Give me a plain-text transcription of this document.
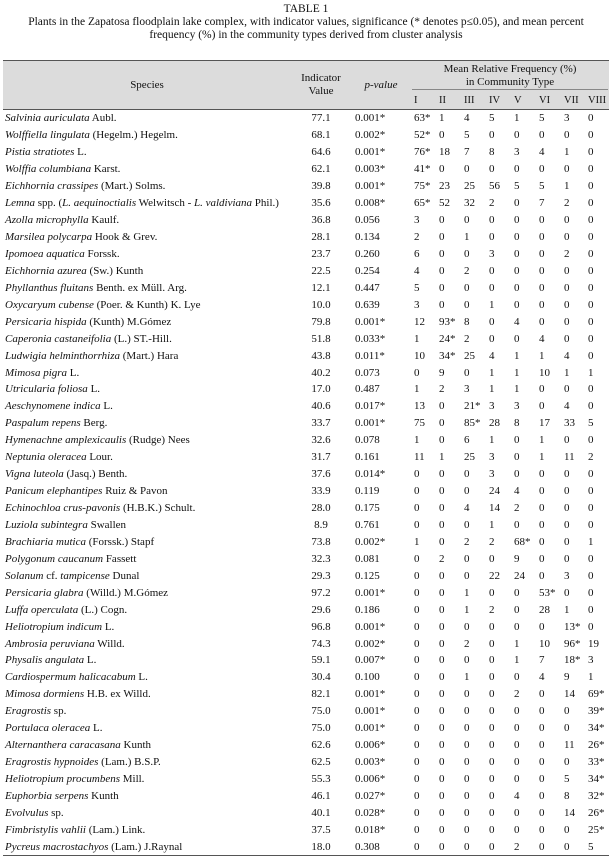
TABLE 1
Plants in the Zapatosa floodplain lake complex, with indicator values, significance (* denotes p≤0.05), and mean percent frequency (%) in the community types derived from cluster analysis
Species	Indicator Value	p-value	Mean Relative Frequency (%)
in Community Type							

			I	II	III	IV	V	VI	VII	VIII
Salvinia auriculata Aubl.	77.1	0.001*	63*	1	4	5	1	5	3	0
Wolffiella lingulata (Hegelm.) Hegelm.	68.1	0.002*	52*	0	5	0	0	0	0	0
Pistia stratiotes L.	64.6	0.001*	76*	18	7	8	3	4	1	0
Wolffia columbiana Karst.	62.1	0.003*	41*	0	0	0	0	0	0	0
Eichhornia crassipes (Mart.) Solms.	39.8	0.001*	75*	23	25	56	5	5	1	0
Lemna spp. (L. aequinoctialis Welwitsch - L. valdiviana Phil.)	35.6	0.008*	65*	52	32	2	0	7	2	0
Azolla microphylla Kaulf.	36.8	0.056	3	0	0	0	0	0	0	0
Marsilea polycarpa Hook & Grev.	28.1	0.134	2	0	1	0	0	0	0	0
Ipomoea aquatica Forssk.	23.7	0.260	6	0	0	3	0	0	2	0
Eichhornia azurea (Sw.) Kunth	22.5	0.254	4	0	2	0	0	0	0	0
Phyllanthus fluitans Benth. ex Müll. Arg.	12.1	0.447	5	0	0	0	0	0	0	0
Oxycaryum cubense (Poer. & Kunth) K. Lye	10.0	0.639	3	0	0	1	0	0	0	0
Persicaria hispida (Kunth) M.Gómez	79.8	0.001*	12	93*	8	0	4	0	0	0
Caperonia castaneifolia (L.) ST.-Hill.	51.8	0.033*	1	24*	2	0	0	4	0	0
Ludwigia helminthorrhiza (Mart.) Hara	43.8	0.011*	10	34*	25	4	1	1	4	0
Mimosa pigra L.	40.2	0.073	0	9	0	1	1	10	1	1
Utricularia foliosa L.	17.0	0.487	1	2	3	1	1	0	0	0
Aeschynomene indica L.	40.6	0.017*	13	0	21*	3	3	0	4	0
Paspalum repens Berg.	33.7	0.001*	75	0	85*	28	8	17	33	5
Hymenachne amplexicaulis (Rudge) Nees	32.6	0.078	1	0	6	1	0	1	0	0
Neptunia oleracea Lour.	31.7	0.161	11	1	25	3	0	1	11	2
Vigna luteola (Jasq.) Benth.	37.6	0.014*	0	0	0	3	0	0	0	0
Panicum elephantipes Ruiz & Pavon	33.9	0.119	0	0	0	24	4	0	0	0
Echinochloa crus-pavonis (H.B.K.) Schult.	28.0	0.175	0	0	4	14	2	0	0	0
Luziola subintegra Swallen	8.9	0.761	0	0	0	1	0	0	0	0
Brachiaria mutica (Forssk.) Stapf	73.8	0.002*	1	0	2	2	68*	0	0	1
Polygonum caucanum Fassett	32.3	0.081	0	2	0	0	9	0	0	0
Solanum cf. tampicense Dunal	29.3	0.125	0	0	0	22	24	0	3	0
Persicaria glabra (Willd.) M.Gómez	97.2	0.001*	0	0	1	0	0	53*	0	0
Luffa operculata (L.) Cogn.	29.6	0.186	0	0	1	2	0	28	1	0
Heliotropium indicum L.	96.8	0.001*	0	0	0	0	0	0	13*	0
Ambrosia peruviana Willd.	74.3	0.002*	0	0	2	0	1	10	96*	19
Physalis angulata L.	59.1	0.007*	0	0	0	0	1	7	18*	3
Cardiospermum halicacabum L.	30.4	0.100	0	0	1	0	0	4	9	1
Mimosa dormiens H.B. ex Willd.	82.1	0.001*	0	0	0	0	2	0	14	69*
Eragrostis sp.	75.0	0.001*	0	0	0	0	0	0	0	39*
Portulaca oleracea L.	75.0	0.001*	0	0	0	0	0	0	0	34*
Alternanthera caracasana Kunth	62.6	0.006*	0	0	0	0	0	0	11	26*
Eragrostis hypnoides (Lam.) B.S.P.	62.5	0.003*	0	0	0	0	0	0	0	33*
Heliotropium procumbens Mill.	55.3	0.006*	0	0	0	0	0	0	5	34*
Euphorbia serpens Kunth	46.1	0.027*	0	0	0	0	4	0	8	32*
Evolvulus sp.	40.1	0.028*	0	0	0	0	0	0	14	26*
Fimbristylis vahlii (Lam.) Link.	37.5	0.018*	0	0	0	0	0	0	0	25*
Pycreus macrostachyos (Lam.) J.Raynal	18.0	0.308	0	0	0	0	2	0	0	5
